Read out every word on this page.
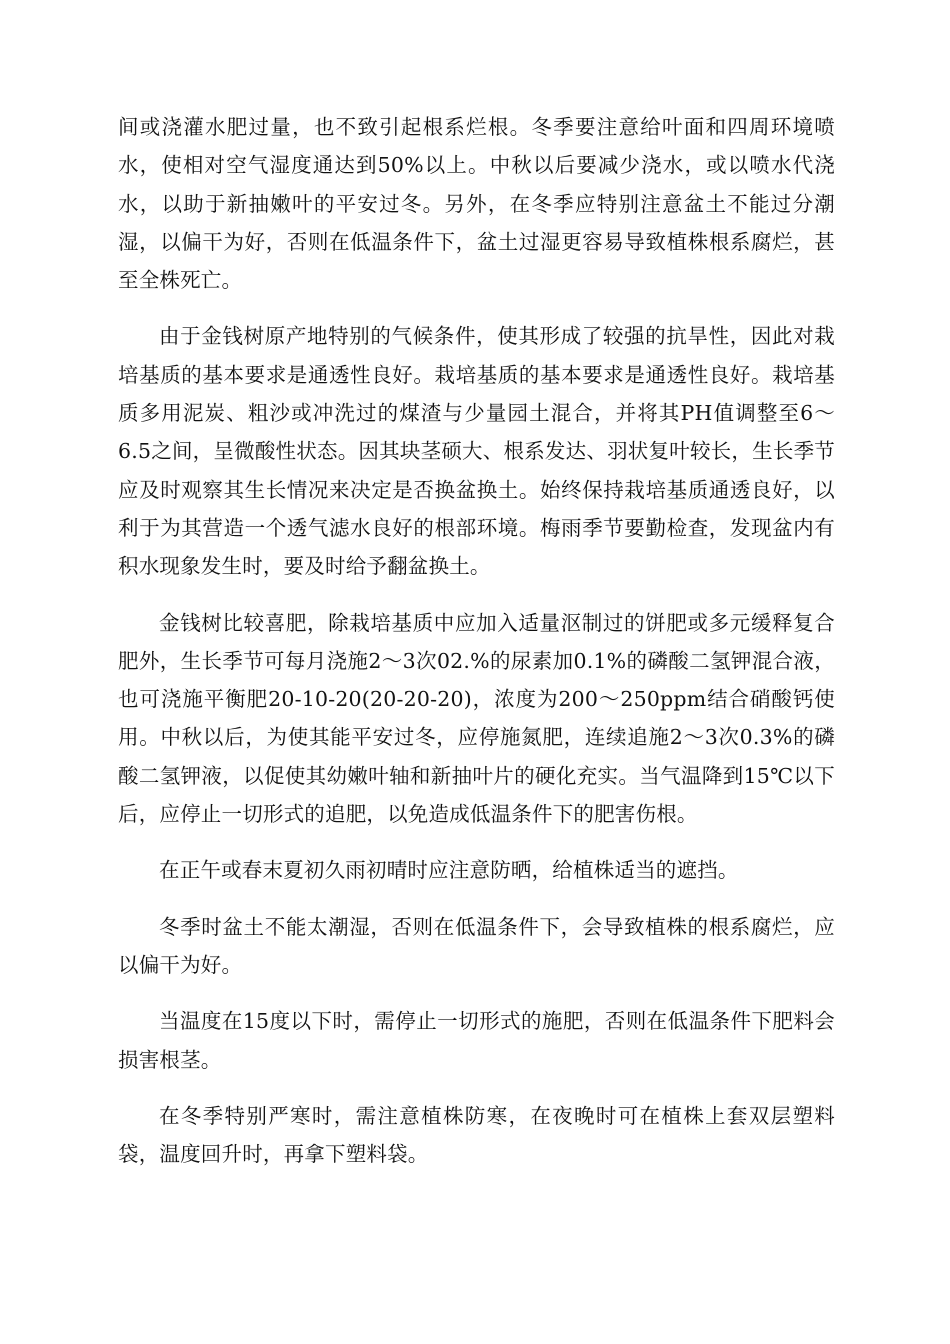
间或浇灌水肥过量，也不致引起根系烂根。冬季要注意给叶面和四周环境喷水，使相对空气湿度通达到50%以上。中秋以后要减少浇水，或以喷水代浇水，以助于新抽嫩叶的平安过冬。另外，在冬季应特别注意盆土不能过分潮湿，以偏干为好，否则在低温条件下，盆土过湿更容易导致植株根系腐烂，甚至全株死亡。

由于金钱树原产地特别的气候条件，使其形成了较强的抗旱性，因此对栽培基质的基本要求是通透性良好。栽培基质的基本要求是通透性良好。栽培基质多用泥炭、粗沙或冲洗过的煤渣与少量园土混合，并将其PH值调整至6～6.5之间，呈微酸性状态。因其块茎硕大、根系发达、羽状复叶较长，生长季节应及时观察其生长情况来决定是否换盆换土。始终保持栽培基质通透良好，以利于为其营造一个透气滤水良好的根部环境。梅雨季节要勤检查，发现盆内有积水现象发生时，要及时给予翻盆换土。

金钱树比较喜肥，除栽培基质中应加入适量沤制过的饼肥或多元缓释复合肥外，生长季节可每月浇施2～3次02.%的尿素加0.1%的磷酸二氢钾混合液，也可浇施平衡肥20-10-20(20-20-20)，浓度为200～250ppm结合硝酸钙使用。中秋以后，为使其能平安过冬，应停施氮肥，连续追施2～3次0.3%的磷酸二氢钾液，以促使其幼嫩叶轴和新抽叶片的硬化充实。当气温降到15℃以下后，应停止一切形式的追肥，以免造成低温条件下的肥害伤根。

在正午或春末夏初久雨初晴时应注意防晒，给植株适当的遮挡。

冬季时盆土不能太潮湿，否则在低温条件下，会导致植株的根系腐烂，应以偏干为好。

当温度在15度以下时，需停止一切形式的施肥，否则在低温条件下肥料会损害根茎。

在冬季特别严寒时，需注意植株防寒，在夜晚时可在植株上套双层塑料袋，温度回升时，再拿下塑料袋。
